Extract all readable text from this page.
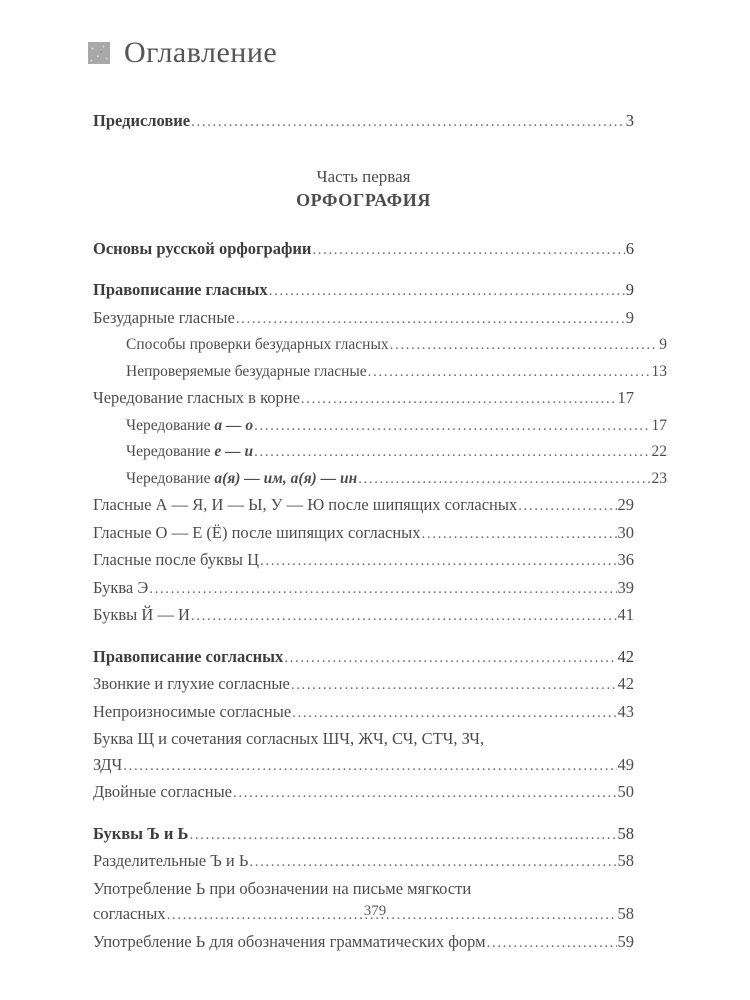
Оглавление
Предисловие .....	3
Часть первая
ОРФОГРАФИЯ
Основы русской орфографии .....	6
Правописание гласных .....	9
Безударные гласные .....	9
Способы проверки безударных гласных .....	9
Непроверяемые безударные гласные .....	13
Чередование гласных в корне .....	17
Чередование а — о .....	17
Чередование е — и .....	22
Чередование а(я) — им, а(я) — ин .....	23
Гласные А — Я, И — Ы, У — Ю после шипящих согласных .....	29
Гласные О — Е (Ё) после шипящих согласных .....	30
Гласные после буквы Ц .....	36
Буква Э .....	39
Буквы Й — И .....	41
Правописание согласных .....	42
Звонкие и глухие согласные .....	42
Непроизносимые согласные .....	43
Буква Щ и сочетания согласных ШЧ, ЖЧ, СЧ, СТЧ, ЗЧ,
ЗДЧ .....	49
Двойные согласные .....	50
Буквы Ъ и Ь .....	58
Разделительные Ъ и Ь .....	58
Употребление Ь при обозначении на письме мягкости
согласных .....	58
Употребление Ь для обозначения грамматических форм .....	59
379
